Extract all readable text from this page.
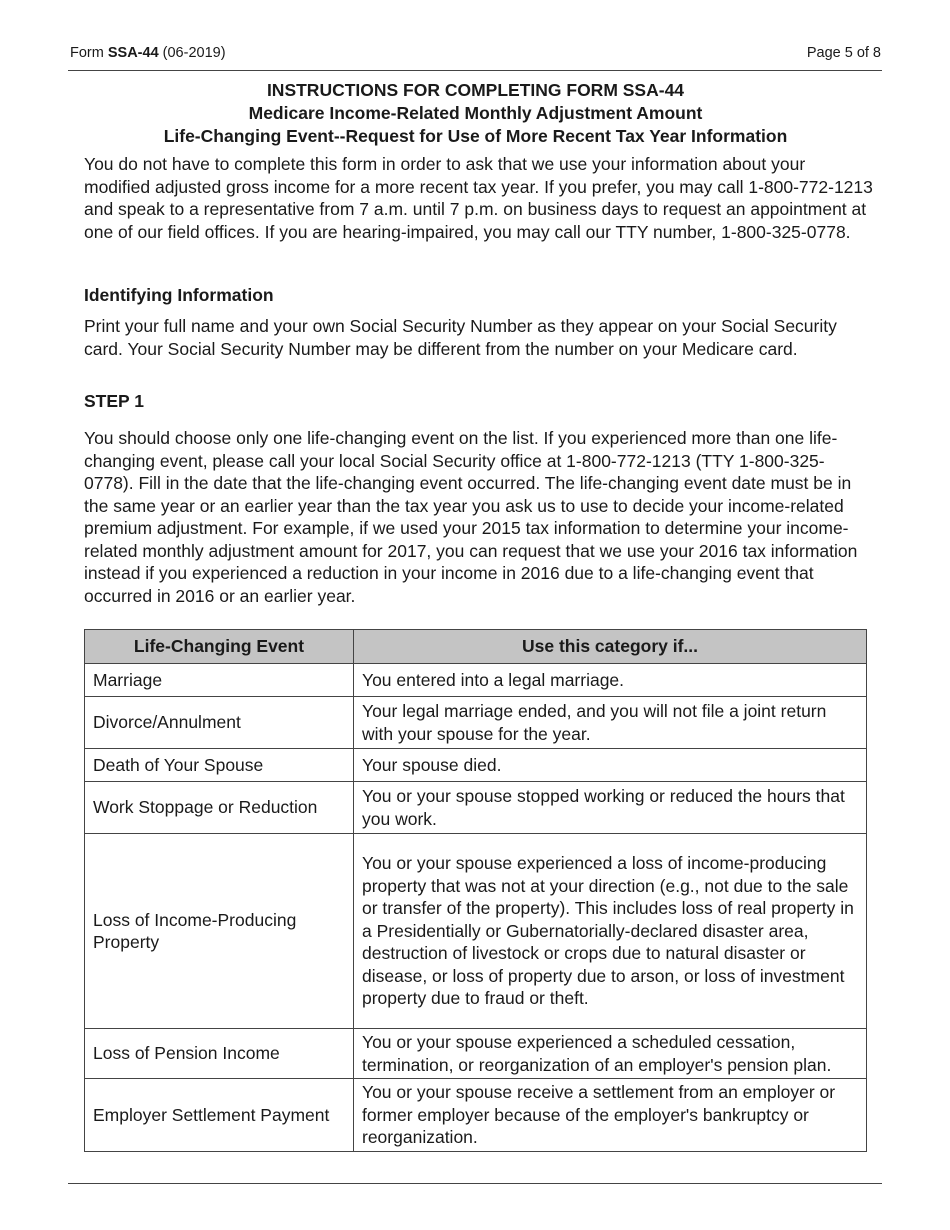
Form SSA-44 (06-2019)	Page 5 of 8
INSTRUCTIONS FOR COMPLETING FORM SSA-44
Medicare Income-Related Monthly Adjustment Amount
Life-Changing Event--Request for Use of More Recent Tax Year Information

You do not have to complete this form in order to ask that we use your information about your modified adjusted gross income for a more recent tax year. If you prefer, you may call 1-800-772-1213 and speak to a representative from 7 a.m. until 7 p.m. on business days to request an appointment at one of our field offices. If you are hearing-impaired, you may call our TTY number, 1-800-325-0778.

Identifying Information

Print your full name and your own Social Security Number as they appear on your Social Security card. Your Social Security Number may be different from the number on your Medicare card.

STEP 1

You should choose only one life-changing event on the list. If you experienced more than one life-changing event, please call your local Social Security office at 1-800-772-1213 (TTY 1-800-325-0778). Fill in the date that the life-changing event occurred. The life-changing event date must be in the same year or an earlier year than the tax year you ask us to use to decide your income-related premium adjustment. For example, if we used your 2015 tax information to determine your income-related monthly adjustment amount for 2017, you can request that we use your 2016 tax information instead if you experienced a reduction in your income in 2016 due to a life-changing event that occurred in 2016 or an earlier year.

Life-Changing Event	Use this category if...
Marriage	You entered into a legal marriage.
Divorce/Annulment	Your legal marriage ended, and you will not file a joint return with your spouse for the year.
Death of Your Spouse	Your spouse died.
Work Stoppage or Reduction	You or your spouse stopped working or reduced the hours that you work.
Loss of Income-Producing Property	You or your spouse experienced a loss of income-producing property that was not at your direction (e.g., not due to the sale or transfer of the property). This includes loss of real property in a Presidentially or Gubernatorially-declared disaster area, destruction of livestock or crops due to natural disaster or disease, or loss of property due to arson, or loss of investment property due to fraud or theft.
Loss of Pension Income	You or your spouse experienced a scheduled cessation, termination, or reorganization of an employer's pension plan.
Employer Settlement Payment	You or your spouse receive a settlement from an employer or former employer because of the employer's bankruptcy or reorganization.
